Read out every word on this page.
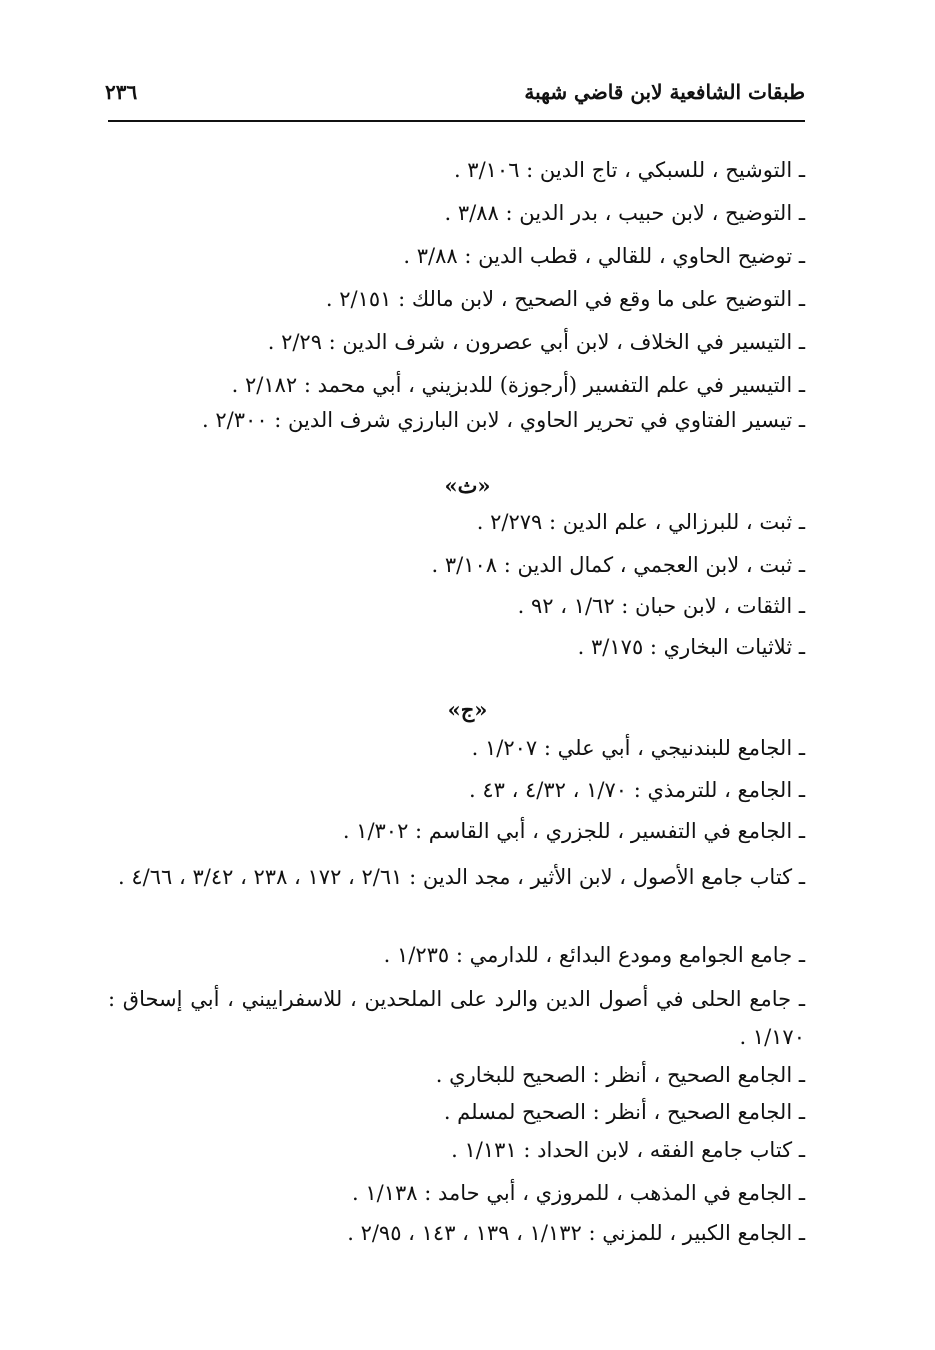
طبقات الشافعية لابن قاضي شهبة
٢٣٦
ـ التوشيح ، للسبكي ، تاج الدين : ٣/١٠٦ .
ـ التوضيح ، لابن حبيب ، بدر الدين : ٣/٨٨ .
ـ توضيح الحاوي ، للقالي ، قطب الدين : ٣/٨٨ .
ـ التوضيح على ما وقع في الصحيح ، لابن مالك : ٢/١٥١ .
ـ التيسير في الخلاف ، لابن أبي عصرون ، شرف الدين : ٢/٢٩ .
ـ التيسير في علم التفسير (أرجوزة) للدبزيني ، أبي محمد : ٢/١٨٢ .
ـ تيسير الفتاوي في تحرير الحاوي ، لابن البارزي شرف الدين : ٢/٣٠٠ .
«ث»
ـ ثبت ، للبرزالي ، علم الدين : ٢/٢٧٩ .
ـ ثبت ، لابن العجمي ، كمال الدين : ٣/١٠٨ .
ـ الثقات ، لابن حبان : ١/٦٢ ، ٩٢ .
ـ ثلاثيات البخاري : ٣/١٧٥ .
«ج»
ـ الجامع للبندنيجي ، أبي علي : ١/٢٠٧ .
ـ الجامع ، للترمذي : ١/٧٠ ، ٤/٣٢ ، ٤٣ .
ـ الجامع في التفسير ، للجزري ، أبي القاسم : ١/٣٠٢ .
ـ كتاب جامع الأصول ، لابن الأثير ، مجد الدين : ٢/٦١ ، ١٧٢ ، ٢٣٨ ، ٣/٤٢ ، ٤/٦٦ .
ـ جامع الجوامع ومودع البدائع ، للدارمي : ١/٢٣٥ .
ـ جامع الحلى في أصول الدين والرد على الملحدين ، للاسفراييني ، أبي إسحاق : ١/١٧٠ .
ـ الجامع الصحيح ، أنظر : الصحيح للبخاري .
ـ الجامع الصحيح ، أنظر : الصحيح لمسلم .
ـ كتاب جامع الفقه ، لابن الحداد : ١/١٣١ .
ـ الجامع في المذهب ، للمروزي ، أبي حامد : ١/١٣٨ .
ـ الجامع الكبير ، للمزني : ١/١٣٢ ، ١٣٩ ، ١٤٣ ، ٢/٩٥ .
